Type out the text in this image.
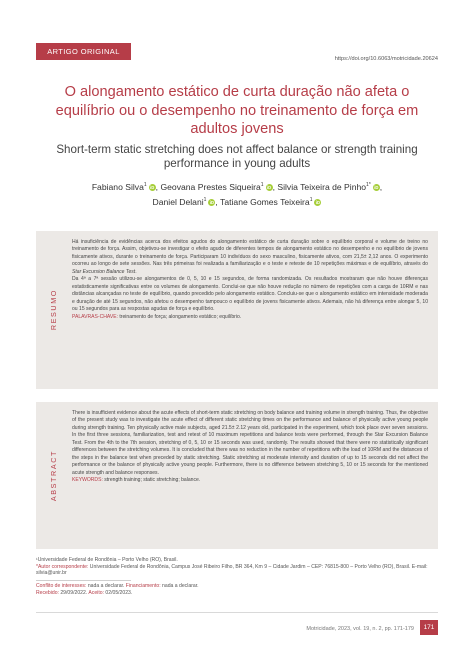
ARTIGO ORIGINAL
https://doi.org/10.6063/motricidade.20624
O alongamento estático de curta duração não afeta o equilíbrio ou o desempenho no treinamento de força em adultos jovens
Short-term static stretching does not affect balance or strength training performance in young adults
Fabiano Silva$^1$ iD, Geovana Prestes Siqueira$^1$ iD, Silvia Teixeira de Pinho$^{1*}$ iD,
Daniel Delani$^1$ iD, Tatiane Gomes Teixeira$^1$ iD
RESUMO

Há insuficiência de evidências acerca dos efeitos agudos do alongamento estático de curta duração sobre o equilíbrio corporal e volume de treino no treinamento de força. Assim, objetivou-se investigar o efeito agudo de diferentes tempos de alongamento estático no desempenho e no equilíbrio de jovens fisicamente ativos, durante o treinamento de força. Participaram 10 indivíduos do sexo masculino, fisicamente ativos, com 21,5± 2,12 anos. O experimento ocorreu ao longo de sete sessões. Nas três primeiras foi realizada a familiarização e o teste e reteste de 10 repetições máximas e de equilíbrio, através do Star Excursion Balance Test.

Da 4ª a 7ª sessão utilizou-se alongamentos de 0, 5, 10 e 15 segundos, de forma randomizada. Os resultados mostraram que não houve diferenças estatisticamente significativas entre os volumes de alongamento. Conclui-se que não houve redução no número de repetições com a carga de 10RM e nas distâncias alcançadas no teste de equilíbrio, quando precedido pelo alongamento estático. Concluiu-se que o alongamento estático em intensidade moderada e duração de até 15 segundos, não afetou o desempenho tampouco o equilíbrio de jovens fisicamente ativos. Ademais, não há diferença entre alongar 5, 10 ou 15 segundos para as respostas agudas de força e equilíbrio.

PALAVRAS-CHAVE: treinamento de força; alongamento estático; equilíbrio.

ABSTRACT

There is insufficient evidence about the acute effects of short-term static stretching on body balance and training volume in strength training. Thus, the objective of the present study was to investigate the acute effect of different static stretching times on the performance and balance of physically active young people during strength training. Ten physically active male subjects, aged 21.5± 2.12 years old, participated in the experiment, which took place over seven sessions. In the first three sessions, familiarization, test and retest of 10 maximum repetitions and balance tests were performed, through the Star Excursion Balance Test. From the 4th to the 7th session, stretching of 0, 5, 10 or 15 seconds was used, randomly. The results showed that there were no statistically significant differences between the stretching volumes. It is concluded that there was no reduction in the number of repetitions with the load of 10RM and the distances of the steps in the balance test when preceded by static stretching. Static stretching at moderate intensity and duration of up to 15 seconds did not affect the performance or the balance of physically active young people. Furthermore, there is no difference between stretching 5, 10 or 15 seconds for the mentioned acute strength and balance responses.

KEYWORDS: strength training; static stretching; balance.

¹Universidade Federal de Rondônia – Porto Velho (RO), Brasil.
*Autor correspondente: Universidade Federal de Rondônia, Campus José Ribeiro Filho, BR 364, Km 9 – Cidade Jardim – CEP: 76815-800 – Porto Velho (RO), Brasil. E-mail: silvia@unir.br
Conflito de interesses: nada a declarar. Financiamento: nada a declarar.
Recebido: 29/09/2022. Aceito: 02/05/2023.
Motricidade, 2023, vol. 19, n. 2, pp. 171-179	171
